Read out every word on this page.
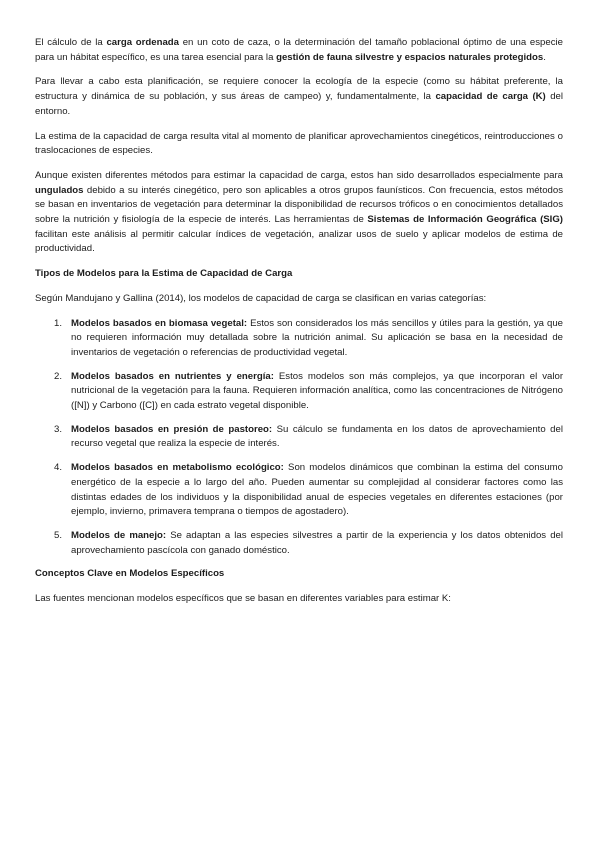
El cálculo de la carga ordenada en un coto de caza, o la determinación del tamaño poblacional óptimo de una especie para un hábitat específico, es una tarea esencial para la gestión de fauna silvestre y espacios naturales protegidos.

Para llevar a cabo esta planificación, se requiere conocer la ecología de la especie (como su hábitat preferente, la estructura y dinámica de su población, y sus áreas de campeo) y, fundamentalmente, la capacidad de carga (K) del entorno.

La estima de la capacidad de carga resulta vital al momento de planificar aprovechamientos cinegéticos, reintroducciones o traslocaciones de especies.

Aunque existen diferentes métodos para estimar la capacidad de carga, estos han sido desarrollados especialmente para ungulados debido a su interés cinegético, pero son aplicables a otros grupos faunísticos. Con frecuencia, estos métodos se basan en inventarios de vegetación para determinar la disponibilidad de recursos tróficos o en conocimientos detallados sobre la nutrición y fisiología de la especie de interés. Las herramientas de Sistemas de Información Geográfica (SIG) facilitan este análisis al permitir calcular índices de vegetación, analizar usos de suelo y aplicar modelos de estima de productividad.

Tipos de Modelos para la Estima de Capacidad de Carga

Según Mandujano y Gallina (2014), los modelos de capacidad de carga se clasifican en varias categorías:

1. Modelos basados en biomasa vegetal: Estos son considerados los más sencillos y útiles para la gestión, ya que no requieren información muy detallada sobre la nutrición animal. Su aplicación se basa en la necesidad de inventarios de vegetación o referencias de productividad vegetal.
2. Modelos basados en nutrientes y energía: Estos modelos son más complejos, ya que incorporan el valor nutricional de la vegetación para la fauna. Requieren información analítica, como las concentraciones de Nitrógeno ([N]) y Carbono ([C]) en cada estrato vegetal disponible.
3. Modelos basados en presión de pastoreo: Su cálculo se fundamenta en los datos de aprovechamiento del recurso vegetal que realiza la especie de interés.
4. Modelos basados en metabolismo ecológico: Son modelos dinámicos que combinan la estima del consumo energético de la especie a lo largo del año. Pueden aumentar su complejidad al considerar factores como las distintas edades de los individuos y la disponibilidad anual de especies vegetales en diferentes estaciones (por ejemplo, invierno, primavera temprana o tiempos de agostadero).
5. Modelos de manejo: Se adaptan a las especies silvestres a partir de la experiencia y los datos obtenidos del aprovechamiento pascícola con ganado doméstico.
Conceptos Clave en Modelos Específicos

Las fuentes mencionan modelos específicos que se basan en diferentes variables para estimar K:
